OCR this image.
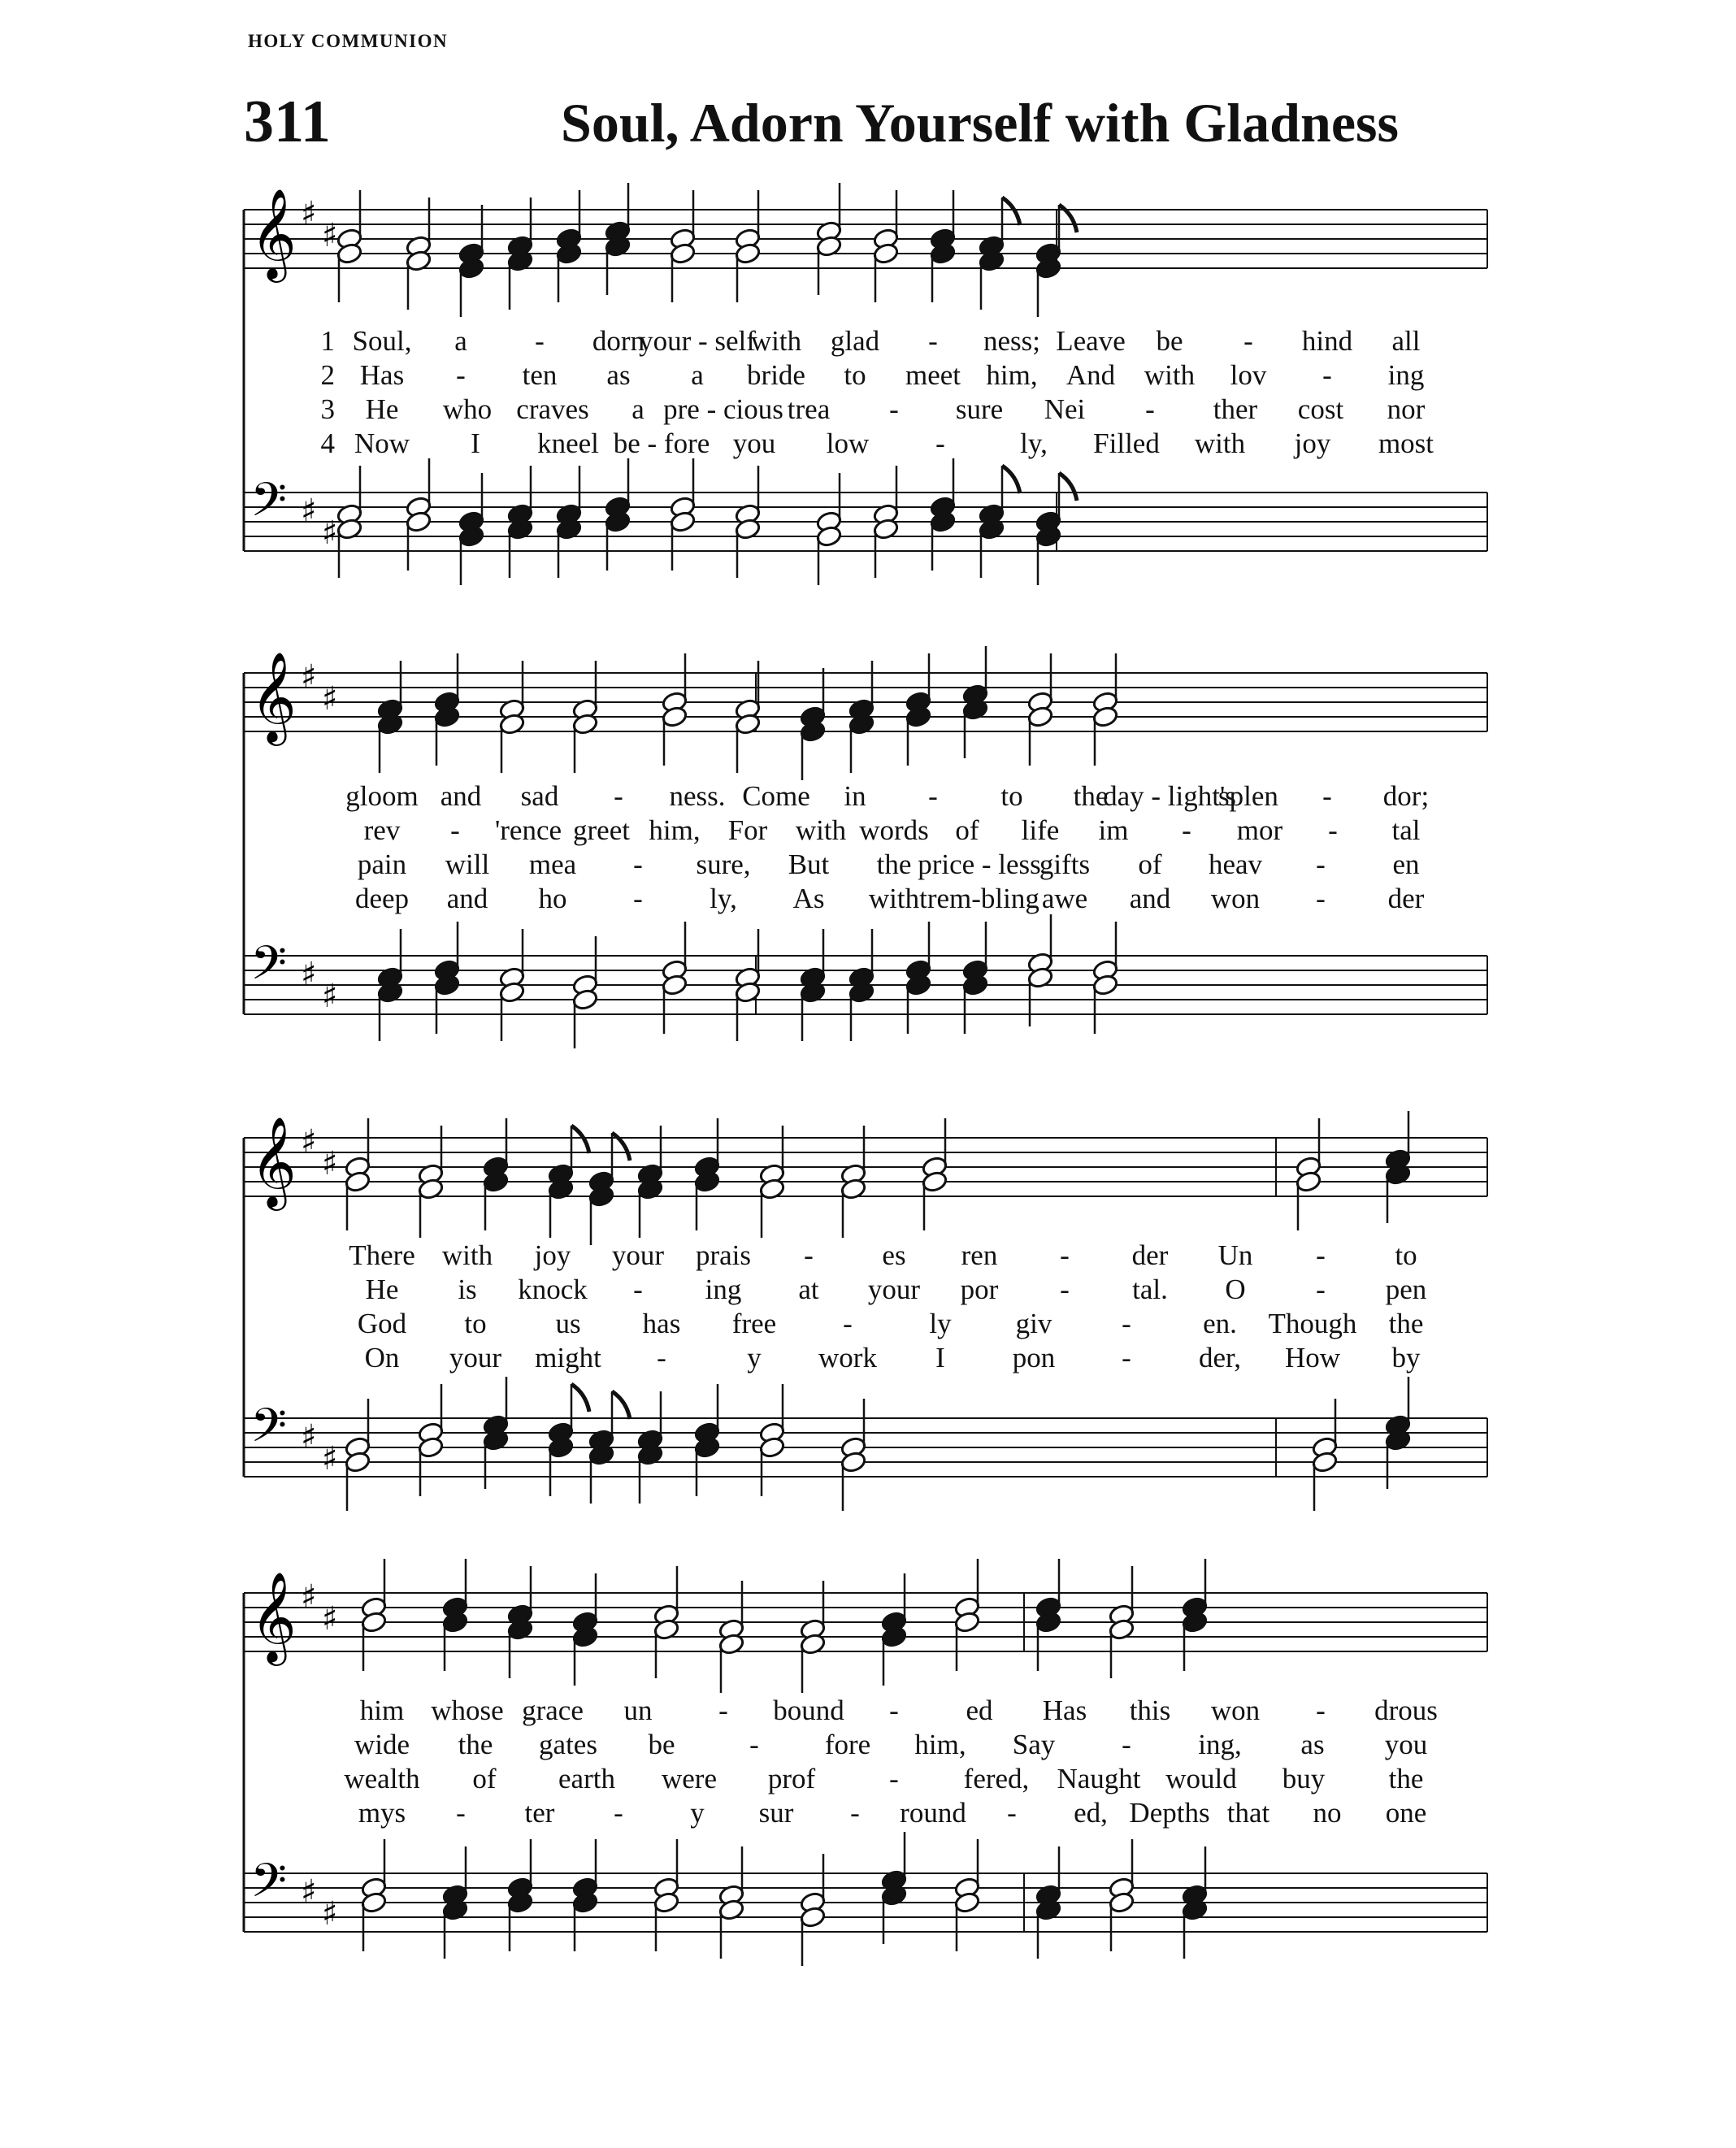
HOLY COMMUNION
311	Soul, Adorn Yourself with Gladness
𝄞 ♯
♯
𝄢 ♯
♯
1 Soul, a - dorn
your - self
with glad - ness; Leave be - hind all
2 Has - ten as a bride to meet him, And with lov - ing
3 He who craves a pre - cious trea - sure Nei - ther cost nor
4 Now I kneel be - fore you low -	ly, Filled with joy most
𝄞 ♯
♯
𝄢 ♯
♯
gloom and sad - ness. Come in - to the
day - light's
splen - dor;
rev - 'rence greet him, For with words of life im - mor - tal
pain will mea - sure, But the price - less
gifts of heav - en
deep and ho - ly, As with trem-bling awe and won - der
𝄞 ♯
♯
𝄢 ♯
♯
There with joy your prais - es ren - der Un - to
He is knock - ing at your por - tal. O - pen
God to us has free -	ly giv -	en. Though the
On your might -	y work I pon - der, How by
𝄞 ♯
♯
𝄢 ♯
♯
him whose grace un - bound - ed Has this won - drous
wide the gates be	- fore him, Say - ing, as you
wealth of earth were prof	- fered, Naught would buy the
mys - ter - y sur - round - ed, Depths that no one
